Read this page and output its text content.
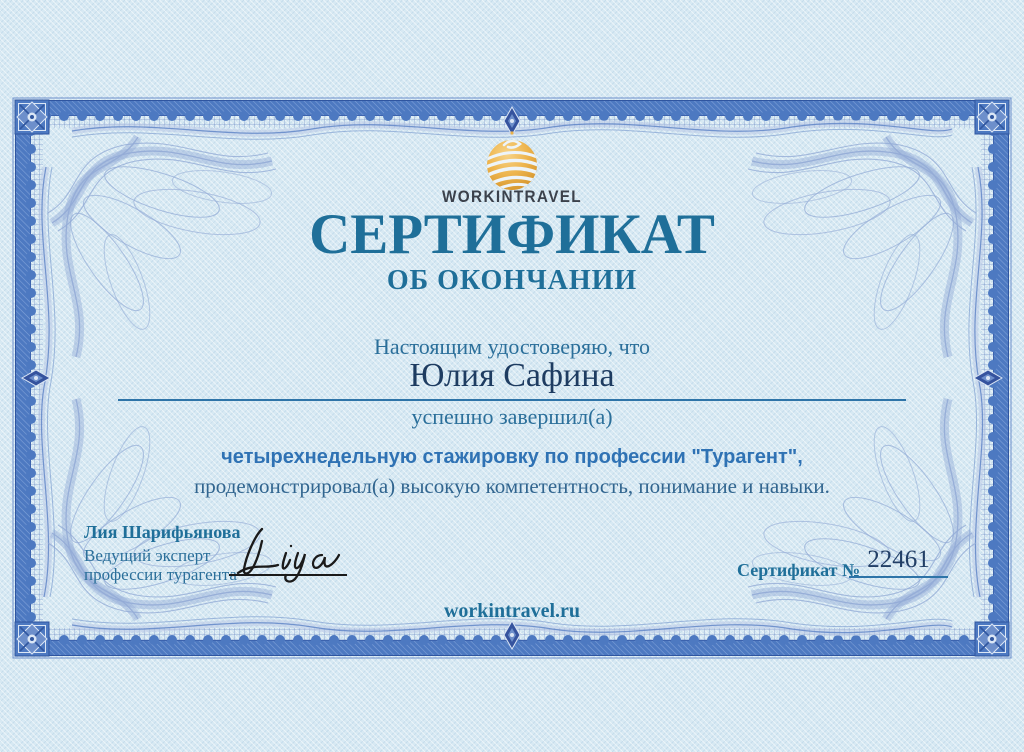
WORKINTRAVEL
СЕРТИФИКАТ
ОБ ОКОНЧАНИИ
Настоящим удостоверяю, что
Юлия Сафина
успешно завершил(а)
четырехнедельную стажировку по профессии "Турагент",
продемонстрировал(а) высокую компетентность, понимание и навыки.
Лия Шарифьянова
Ведущий эксперт
профессии турагента	Сертификат № 22461
workintravel.ru
